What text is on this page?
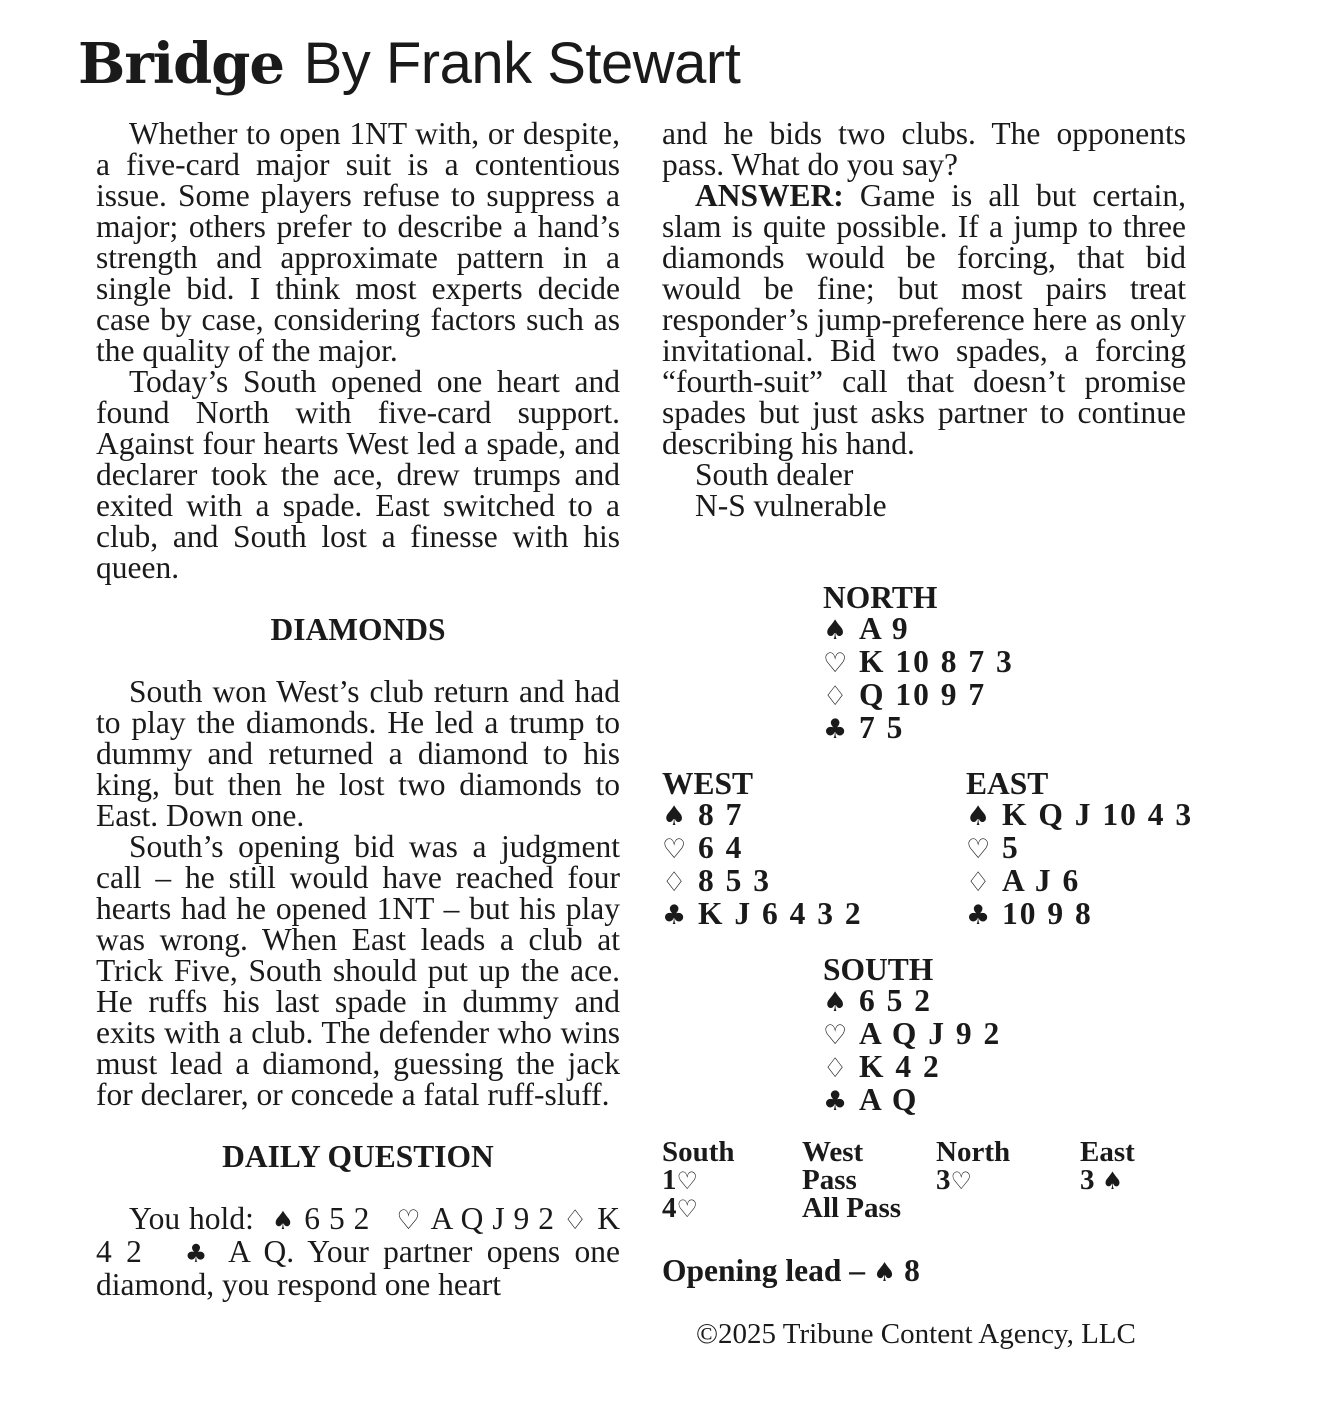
Bridge By Frank Stewart

Whether to open 1NT with, or despite, a five-card major suit is a contentious issue. Some players refuse to suppress a major; others prefer to describe a hand’s strength and approximate pattern in a single bid. I think most experts decide case by case, considering factors such as the quality of the major.

Today’s South opened one heart and found North with five-card support. Against four hearts West led a spade, and declarer took the ace, drew trumps and exited with a spade. East switched to a club, and South lost a finesse with his queen.

DIAMONDS

South won West’s club return and had to play the diamonds. He led a trump to dummy and returned a diamond to his king, but then he lost two diamonds to East. Down one.

South’s opening bid was a judgment call – he still would have reached four hearts had he opened 1NT – but his play was wrong. When East leads a club at Trick Five, South should put up the ace. He ruffs his last spade in dummy and exits with a club. The defender who wins must lead a diamond, guessing the jack for declarer, or concede a fatal ruff-sluff.

DAILY QUESTION

You hold: ♠ 6 5 2 ♡ A Q J 9 2 ♢ K 4 2 ♣ A Q. Your partner opens one diamond, you respond one heart

and he bids two clubs. The opponents pass. What do you say?

ANSWER: Game is all but certain, slam is quite possible. If a jump to three diamonds would be forcing, that bid would be fine; but most pairs treat responder’s jump-preference here as only invitational. Bid two spades, a forcing “fourth-suit” call that doesn’t promise spades but just asks partner to continue describing his hand.

South dealer
N-S vulnerable
NORTH
♠ A 9
♡ K 10 8 7 3
♢ Q 10 9 7
♣ 7 5
WEST
♠ 8 7
♡ 6 4
♢ 8 5 3
♣ K J 6 4 3 2
EAST
♠ K Q J 10 4 3
♡ 5
♢ A J 6
♣ 10 9 8
SOUTH
♠ 6 5 2
♡ A Q J 9 2
♢ K 4 2
♣ A Q
South West	North East
1♡	Pass	3♡	3 ♠
4♡	All Pass
Opening lead – ♠ 8
©2025 Tribune Content Agency, LLC
